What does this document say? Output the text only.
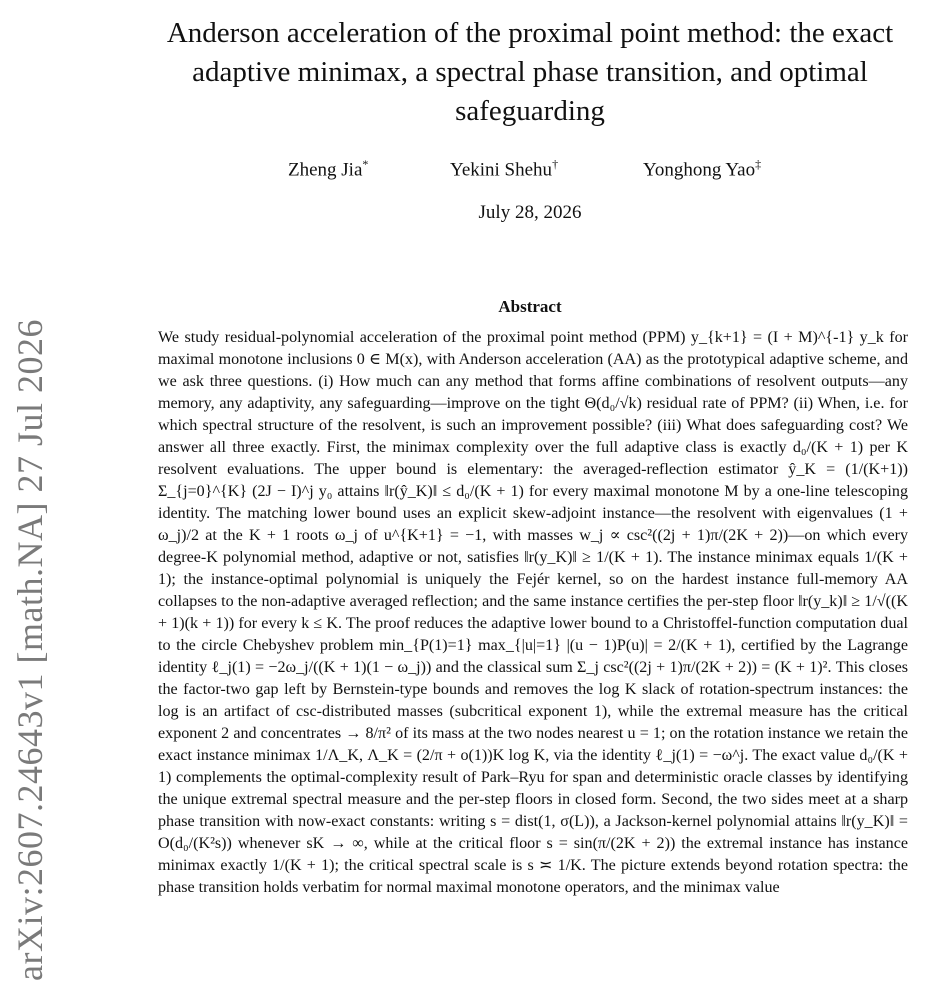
arXiv:2607.24643v1 [math.NA] 27 Jul 2026
Anderson acceleration of the proximal point method: the exact adaptive minimax, a spectral phase transition, and optimal safeguarding
Zheng Jia*	Yekini Shehu†	Yonghong Yao‡
July 28, 2026
Abstract

We study residual-polynomial acceleration of the proximal point method (PPM) y_{k+1} = (I + M)^{-1} y_k for maximal monotone inclusions 0 ∈ M(x), with Anderson acceleration (AA) as the prototypical adaptive scheme, and we ask three questions. (i) How much can any method that forms affine combinations of resolvent outputs—any memory, any adaptivity, any safeguarding—improve on the tight Θ(d₀/√k) residual rate of PPM? (ii) When, i.e. for which spectral structure of the resolvent, is such an improvement possible? (iii) What does safeguarding cost? We answer all three exactly. First, the minimax complexity over the full adaptive class is exactly d₀/(K + 1) per K resolvent evaluations. The upper bound is elementary: the averaged-reflection estimator ŷ_K = (1/(K+1)) Σ_{j=0}^{K} (2J − I)^j y₀ attains ‖r(ŷ_K)‖ ≤ d₀/(K + 1) for every maximal monotone M by a one-line telescoping identity. The matching lower bound uses an explicit skew-adjoint instance—the resolvent with eigenvalues (1 + ω_j)/2 at the K + 1 roots ω_j of u^{K+1} = −1, with masses w_j ∝ csc²((2j + 1)π/(2K + 2))—on which every degree-K polynomial method, adaptive or not, satisfies ‖r(y_K)‖ ≥ 1/(K + 1). The instance minimax equals 1/(K + 1); the instance-optimal polynomial is uniquely the Fejér kernel, so on the hardest instance full-memory AA collapses to the non-adaptive averaged reflection; and the same instance certifies the per-step floor ‖r(y_k)‖ ≥ 1/√((K + 1)(k + 1)) for every k ≤ K. The proof reduces the adaptive lower bound to a Christoffel-function computation dual to the circle Chebyshev problem min_{P(1)=1} max_{|u|=1} |(u − 1)P(u)| = 2/(K + 1), certified by the Lagrange identity ℓ_j(1) = −2ω_j/((K + 1)(1 − ω_j)) and the classical sum Σ_j csc²((2j + 1)π/(2K + 2)) = (K + 1)². This closes the factor-two gap left by Bernstein-type bounds and removes the log K slack of rotation-spectrum instances: the log is an artifact of csc-distributed masses (subcritical exponent 1), while the extremal measure has the critical exponent 2 and concentrates → 8/π² of its mass at the two nodes nearest u = 1; on the rotation instance we retain the exact instance minimax 1/Λ_K, Λ_K = (2/π + o(1))K log K, via the identity ℓ_j(1) = −ω^j. The exact value d₀/(K + 1) complements the optimal-complexity result of Park–Ryu for span and deterministic oracle classes by identifying the unique extremal spectral measure and the per-step floors in closed form. Second, the two sides meet at a sharp phase transition with now-exact constants: writing s = dist(1, σ(L)), a Jackson-kernel polynomial attains ‖r(y_K)‖ = O(d₀/(K²s)) whenever sK → ∞, while at the critical floor s = sin(π/(2K + 2)) the extremal instance has instance minimax exactly 1/(K + 1); the critical spectral scale is s ≍ 1/K. The picture extends beyond rotation spectra: the phase transition holds verbatim for normal maximal monotone operators, and the minimax value
